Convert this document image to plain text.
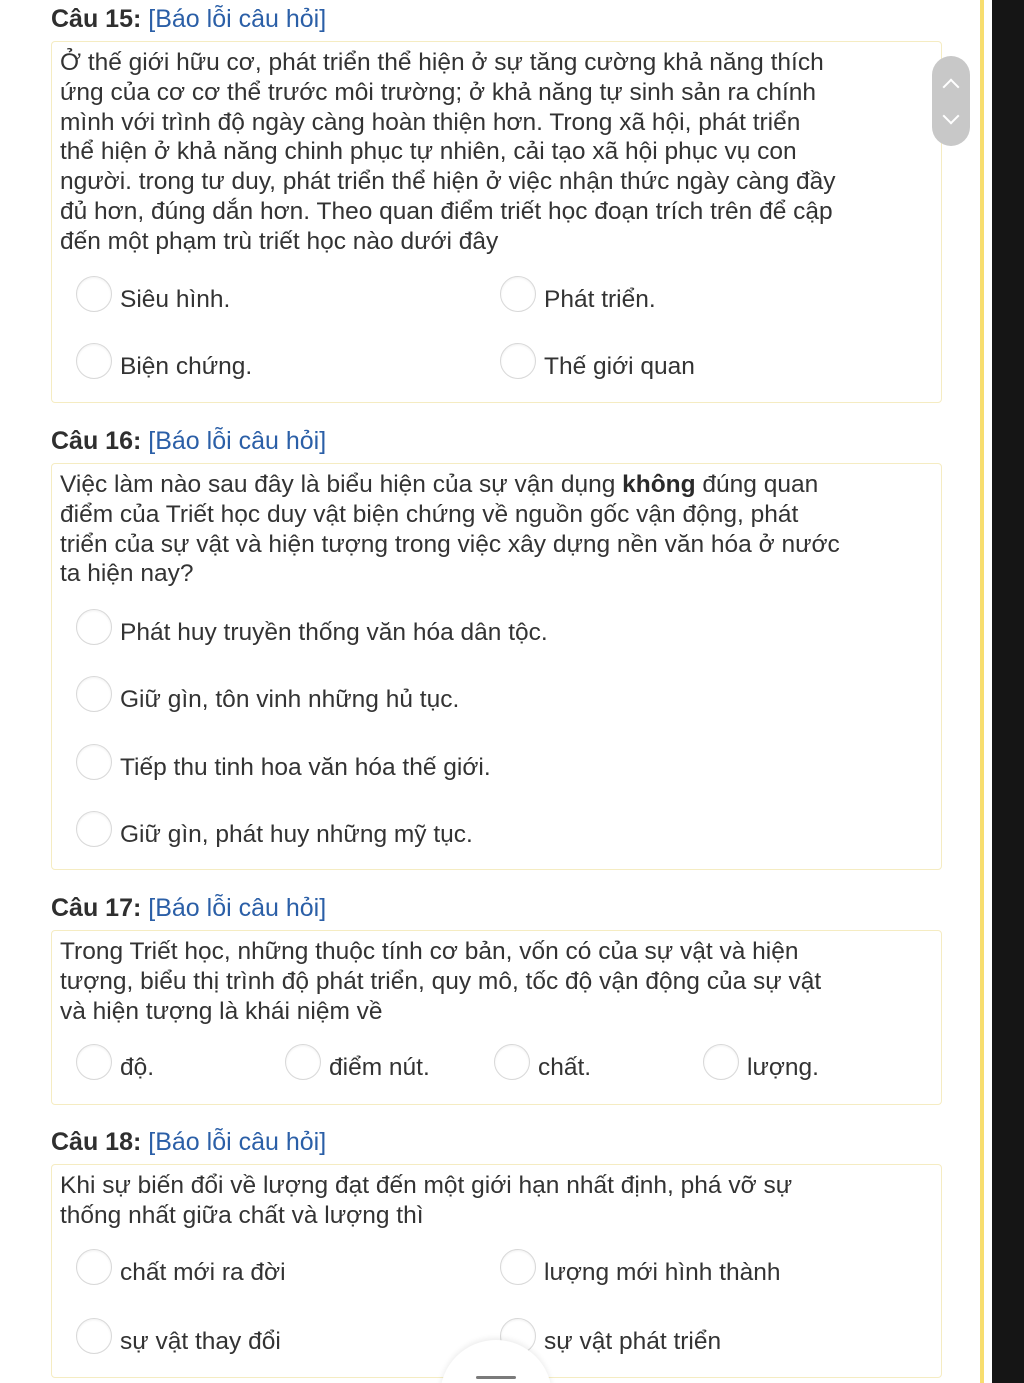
Câu 15: [Báo lỗi câu hỏi]
Ở thế giới hữu cơ, phát triển thể hiện ở sự tăng cường khả năng thích
ứng của cơ cơ thể trước môi trường; ở khả năng tự sinh sản ra chính
mình với trình độ ngày càng hoàn thiện hơn. Trong xã hội, phát triển
thể hiện ở khả năng chinh phục tự nhiên, cải tạo xã hội phục vụ con
người. trong tư duy, phát triển thể hiện ở việc nhận thức ngày càng đầy
đủ hơn, đúng dắn hơn. Theo quan điểm triết học đoạn trích trên để cập
đến một phạm trù triết học nào dưới đây
Siêu hình.	Phát triển.
Biện chứng.	Thế giới quan
Câu 16: [Báo lỗi câu hỏi]
Việc làm nào sau đây là biểu hiện của sự vận dụng không đúng quan
điểm của Triết học duy vật biện chứng về nguồn gốc vận động, phát
triển của sự vật và hiện tượng trong việc xây dựng nền văn hóa ở nước
ta hiện nay?
Phát huy truyền thống văn hóa dân tộc.
Giữ gìn, tôn vinh những hủ tục.
Tiếp thu tinh hoa văn hóa thế giới.
Giữ gìn, phát huy những mỹ tục.
Câu 17: [Báo lỗi câu hỏi]
Trong Triết học, những thuộc tính cơ bản, vốn có của sự vật và hiện
tượng, biểu thị trình độ phát triển, quy mô, tốc độ vận động của sự vật
và hiện tượng là khái niệm về
độ.	điểm nút.	chất.	lượng.
Câu 18: [Báo lỗi câu hỏi]
Khi sự biến đổi về lượng đạt đến một giới hạn nhất định, phá vỡ sự
thống nhất giữa chất và lượng thì
chất mới ra đời	lượng mới hình thành
sự vật thay đổi	sự vật phát triển
